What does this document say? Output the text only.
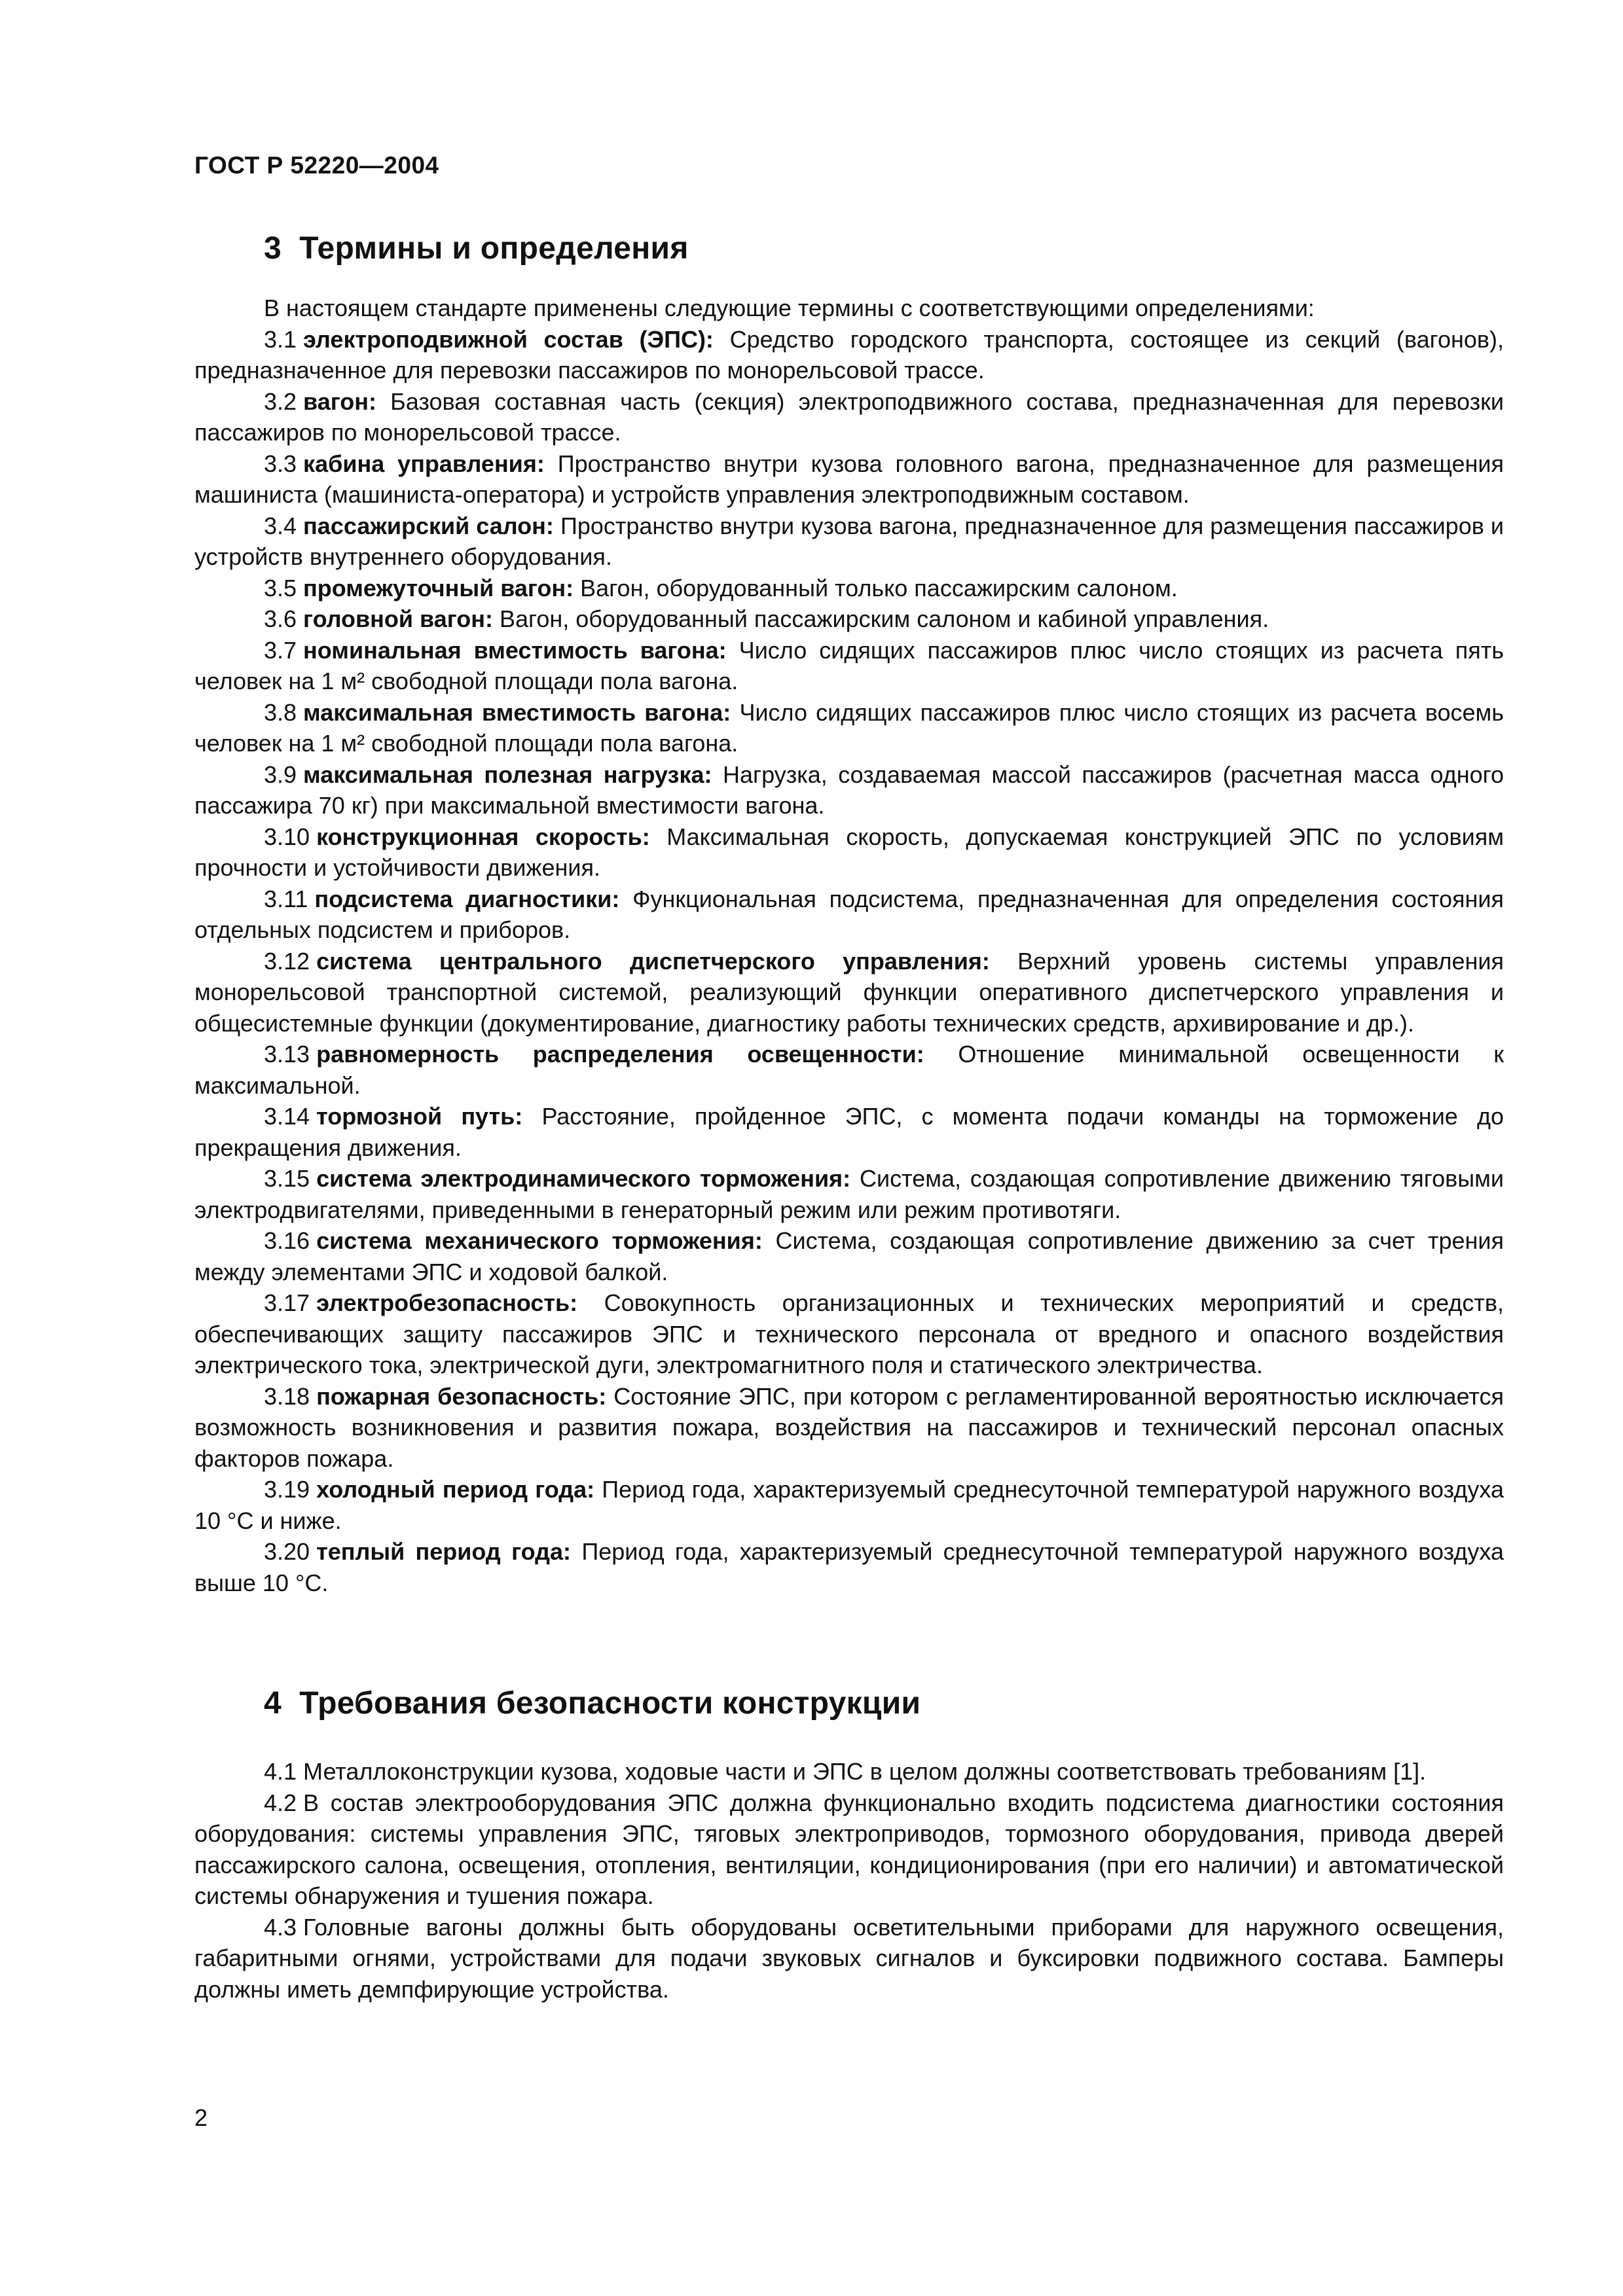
ГОСТ Р 52220—2004
3 Термины и определения

В настоящем стандарте применены следующие термины с соответствующими определениями:

3.1 электроподвижной состав (ЭПС): Средство городского транспорта, состоящее из секций (вагонов), предназначенное для перевозки пассажиров по монорельсовой трассе.

3.2 вагон: Базовая составная часть (секция) электроподвижного состава, предназначенная для перевозки пассажиров по монорельсовой трассе.

3.3 кабина управления: Пространство внутри кузова головного вагона, предназначенное для размещения машиниста (машиниста-оператора) и устройств управления электроподвижным составом.

3.4 пассажирский салон: Пространство внутри кузова вагона, предназначенное для размещения пассажиров и устройств внутреннего оборудования.

3.5 промежуточный вагон: Вагон, оборудованный только пассажирским салоном.

3.6 головной вагон: Вагон, оборудованный пассажирским салоном и кабиной управления.

3.7 номинальная вместимость вагона: Число сидящих пассажиров плюс число стоящих из расчета пять человек на 1 м² свободной площади пола вагона.

3.8 максимальная вместимость вагона: Число сидящих пассажиров плюс число стоящих из расчета восемь человек на 1 м² свободной площади пола вагона.

3.9 максимальная полезная нагрузка: Нагрузка, создаваемая массой пассажиров (расчетная масса одного пассажира 70 кг) при максимальной вместимости вагона.

3.10 конструкционная скорость: Максимальная скорость, допускаемая конструкцией ЭПС по условиям прочности и устойчивости движения.

3.11 подсистема диагностики: Функциональная подсистема, предназначенная для определения состояния отдельных подсистем и приборов.

3.12 система центрального диспетчерского управления: Верхний уровень системы управления монорельсовой транспортной системой, реализующий функции оперативного диспетчерского управления и общесистемные функции (документирование, диагностику работы технических средств, архивирование и др.).

3.13 равномерность распределения освещенности: Отношение минимальной освещенности к максимальной.

3.14 тормозной путь: Расстояние, пройденное ЭПС, с момента подачи команды на торможение до прекращения движения.

3.15 система электродинамического торможения: Система, создающая сопротивление движению тяговыми электродвигателями, приведенными в генераторный режим или режим противотяги.

3.16 система механического торможения: Система, создающая сопротивление движению за счет трения между элементами ЭПС и ходовой балкой.

3.17 электробезопасность: Совокупность организационных и технических мероприятий и средств, обеспечивающих защиту пассажиров ЭПС и технического персонала от вредного и опасного воздействия электрического тока, электрической дуги, электромагнитного поля и статического электричества.

3.18 пожарная безопасность: Состояние ЭПС, при котором с регламентированной вероятностью исключается возможность возникновения и развития пожара, воздействия на пассажиров и технический персонал опасных факторов пожара.

3.19 холодный период года: Период года, характеризуемый среднесуточной температурой наружного воздуха 10 °С и ниже.

3.20 теплый период года: Период года, характеризуемый среднесуточной температурой наружного воздуха выше 10 °С.

4 Требования безопасности конструкции

4.1 Металлоконструкции кузова, ходовые части и ЭПС в целом должны соответствовать требованиям [1].

4.2 В состав электрооборудования ЭПС должна функционально входить подсистема диагностики состояния оборудования: системы управления ЭПС, тяговых электроприводов, тормозного оборудования, привода дверей пассажирского салона, освещения, отопления, вентиляции, кондиционирования (при его наличии) и автоматической системы обнаружения и тушения пожара.

4.3 Головные вагоны должны быть оборудованы осветительными приборами для наружного освещения, габаритными огнями, устройствами для подачи звуковых сигналов и буксировки подвижного состава. Бамперы должны иметь демпфирующие устройства.

2
